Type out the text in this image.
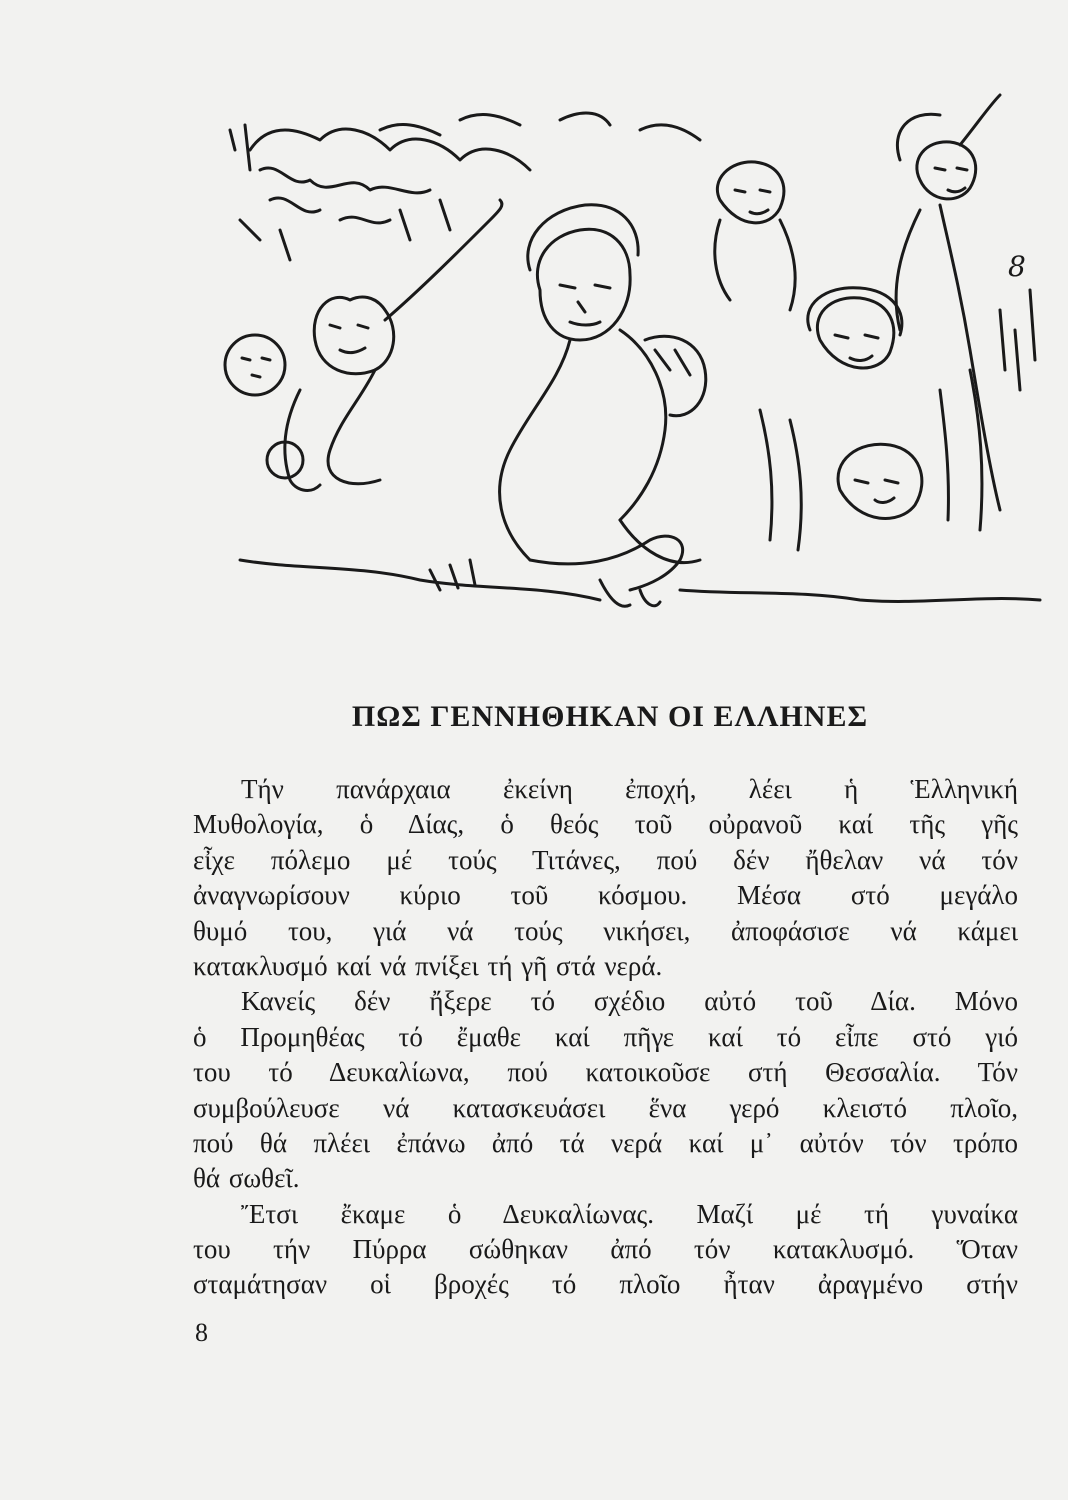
8
ΠΩΣ ΓΕΝΝΗΘΗΚΑΝ ΟΙ ΕΛΛΗΝΕΣ
Τήν πανάρχαια ἐκείνη ἐποχή, λέει ἡ Ἑλληνική
Μυθολογία, ὁ Δίας, ὁ θεός τοῦ οὐρανοῦ καί τῆς γῆς
εἶχε πόλεμο μέ τούς Τιτάνες, πού δέν ἤθελαν νά τόν
ἀναγνωρίσουν κύριο τοῦ κόσμου. Μέσα στό μεγάλο
θυμό του, γιά νά τούς νικήσει, ἀποφάσισε νά κάμει
κατακλυσμό καί νά πνίξει τή γῆ στά νερά.
Κανείς δέν ἤξερε τό σχέδιο αὐτό τοῦ Δία. Μόνο
ὁ Προμηθέας τό ἔμαθε καί πῆγε καί τό εἶπε στό γιό
του τό Δευκαλίωνα, πού κατοικοῦσε στή Θεσσαλία. Τόν
συμβούλευσε νά κατασκευάσει ἕνα γερό κλειστό πλοῖο,
πού θά πλέει ἐπάνω ἀπό τά νερά καί μ᾽ αὐτόν τόν τρόπο
θά σωθεῖ.
Ἔτσι ἔκαμε ὁ Δευκαλίωνας. Μαζί μέ τή γυναίκα
του τήν Πύρρα σώθηκαν ἀπό τόν κατακλυσμό. Ὅταν
σταμάτησαν οἱ βροχές τό πλοῖο ἦταν ἀραγμένο στήν
8
